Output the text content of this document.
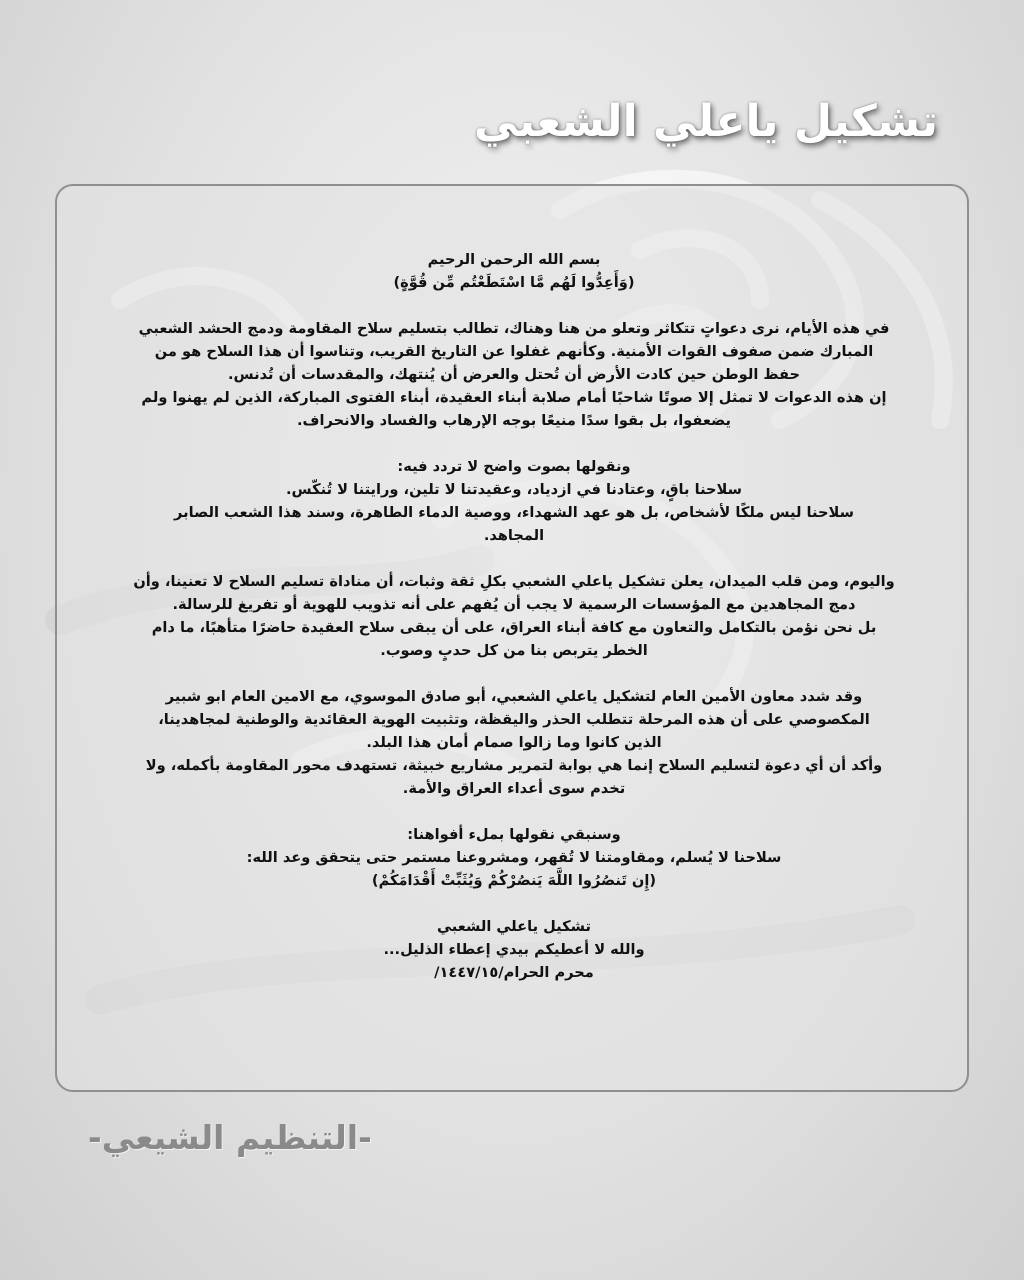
تشكيل ياعلي الشعبي
بسم الله الرحمن الرحيم
(وَأَعِدُّوا لَهُم مَّا اسْتَطَعْتُم مِّن قُوَّةٍ)
في هذه الأيام، نرى دعواتٍ تتكاثر وتعلو من هنا وهناك، تطالب بتسليم سلاح المقاومة ودمج الحشد الشعبي
المبارك ضمن صفوف القوات الأمنية. وكأنهم غفلوا عن التاريخ القريب، وتناسوا أن هذا السلاح هو من
حفظ الوطن حين كادت الأرض أن تُحتل والعرض أن يُنتهك، والمقدسات أن تُدنس.
إن هذه الدعوات لا تمثل إلا صوتًا شاحبًا أمام صلابة أبناء العقيدة، أبناء الفتوى المباركة، الذين لم يهنوا ولم
يضعفوا، بل بقوا سدًا منيعًا بوجه الإرهاب والفساد والانحراف.
ونقولها بصوت واضح لا تردد فيه:
سلاحنا باقٍ، وعتادنا في ازدياد، وعقيدتنا لا تلين، ورايتنا لا تُنكّس.
سلاحنا ليس ملكًا لأشخاص، بل هو عهد الشهداء، ووصية الدماء الطاهرة، وسند هذا الشعب الصابر
المجاهد.
واليوم، ومن قلب الميدان، يعلن تشكيل ياعلي الشعبي بكلِ ثقة وثبات، أن مناداة تسليم السلاح لا تعنينا، وأن
دمج المجاهدين مع المؤسسات الرسمية لا يجب أن يُفهم على أنه تذويب للهوية أو تفريغ للرسالة.
بل نحن نؤمن بالتكامل والتعاون مع كافة أبناء العراق، على أن يبقى سلاح العقيدة حاضرًا متأهبًا، ما دام
الخطر يتربص بنا من كل حدبٍ وصوب.
وقد شدد معاون الأمين العام لتشكيل ياعلي الشعبي، أبو صادق الموسوي، مع الامين العام ابو شبير
المكصوصي على أن هذه المرحلة تتطلب الحذر واليقظة، وتثبيت الهوية العقائدية والوطنية لمجاهدينا،
الذين كانوا وما زالوا صمام أمان هذا البلد.
وأكد أن أي دعوة لتسليم السلاح إنما هي بوابة لتمرير مشاريع خبيثة، تستهدف محور المقاومة بأكمله، ولا
تخدم سوى أعداء العراق والأمة.
وسنبقي نقولها بملء أفواهنا:
سلاحنا لا يُسلم، ومقاومتنا لا تُقهر، ومشروعنا مستمر حتى يتحقق وعد الله:
(إِن تَنصُرُوا اللَّهَ يَنصُرْكُمْ وَيُثَبِّتْ أَقْدَامَكُمْ)
تشكيل ياعلي الشعبي
والله لا أعطيكم بيدي إعطاء الذليل...
محرم الحرام/١٤٤٧/١٥/
-التنظيم الشيعي-
